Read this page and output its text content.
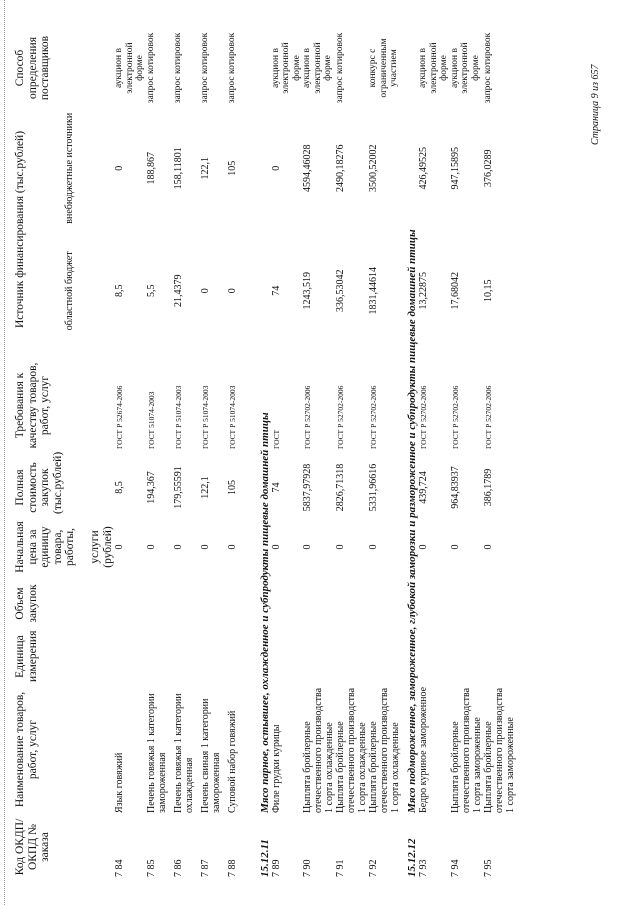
Код ОКДП/ ОКПД № заказа	Наименование товаров, работ, услуг	Единица измерения	Объем закупок	Начальная цена за единицу товара, работы, услуги (рублей)	Полная стоимость закупок (тыс.рублей)	Требования к качеству товаров, работ, услуг	Источник финансирования (тыс.рублей)		Способ определения поставщиков
							областной бюджет	внебюджетные источники	
7 84	Язык говяжий			0	8,5	ГОСТ Р 52674-2006	8,5	0	аукцион в электронной форме
7 85	Печень говяжья 1 категории замороженная			0	194,367	ГОСТ 51074-2003	5,5	188,867	запрос котировок
7 86	Печень говяжья 1 категории охлажденная			0	179,55591	ГОСТ Р 51074-2003	21,4379	158,11801	запрос котировок
7 87	Печень свиная 1 категории замороженная			0	122,1	ГОСТ Р 51074-2003	0	122,1	запрос котировок
7 88	Суповой набор говяжий			0	105	ГОСТ Р 51074-2003	0	105	запрос котировок
15.12.11	Мясо парное, остывшее, охлажденное и субпродукты пищевые домашней птицы								
7 89	Филе грудки курицы			0	74	ГОСТ	74	0	аукцион в электронной форме
7 90	Цыплята бройлерные отечественного производства 1 сорта охлажденные			0	5837,97928	ГОСТ Р 52702-2006	1243,519	4594,46028	аукцион в электронной форме
7 91	Цыплята бройлерные отечественного производства 1 сорта охлажденные			0	2826,71318	ГОСТ Р 52702-2006	336,53042	2490,18276	запрос котировок
7 92	Цыплята бройлерные отечественного производства 1 сорта охлажденные			0	5331,96616	ГОСТ Р 52702-2006	1831,44614	3500,52002	конкурс с ограниченным участием
15.12.12	Мясо подмороженное, замороженное, глубокой заморозки и размороженное и субпродукты пищевые домашней птицы								
7 93	Бедро куриное замороженное			0	439,724	ГОСТ Р 52702-2006	13,22875	426,49525	аукцион в электронной форме
7 94	Цыплята бройлерные отечественного производства 1 сорта замороженные			0	964,83937	ГОСТ Р 52702-2006	17,68042	947,15895	аукцион в электронной форме
7 95	Цыплята бройлерные отечественного производства 1 сорта замороженные			0	386,1789	ГОСТ Р 52702-2006	10,15	376,0289	запрос котировок	Страница 9 из 657
